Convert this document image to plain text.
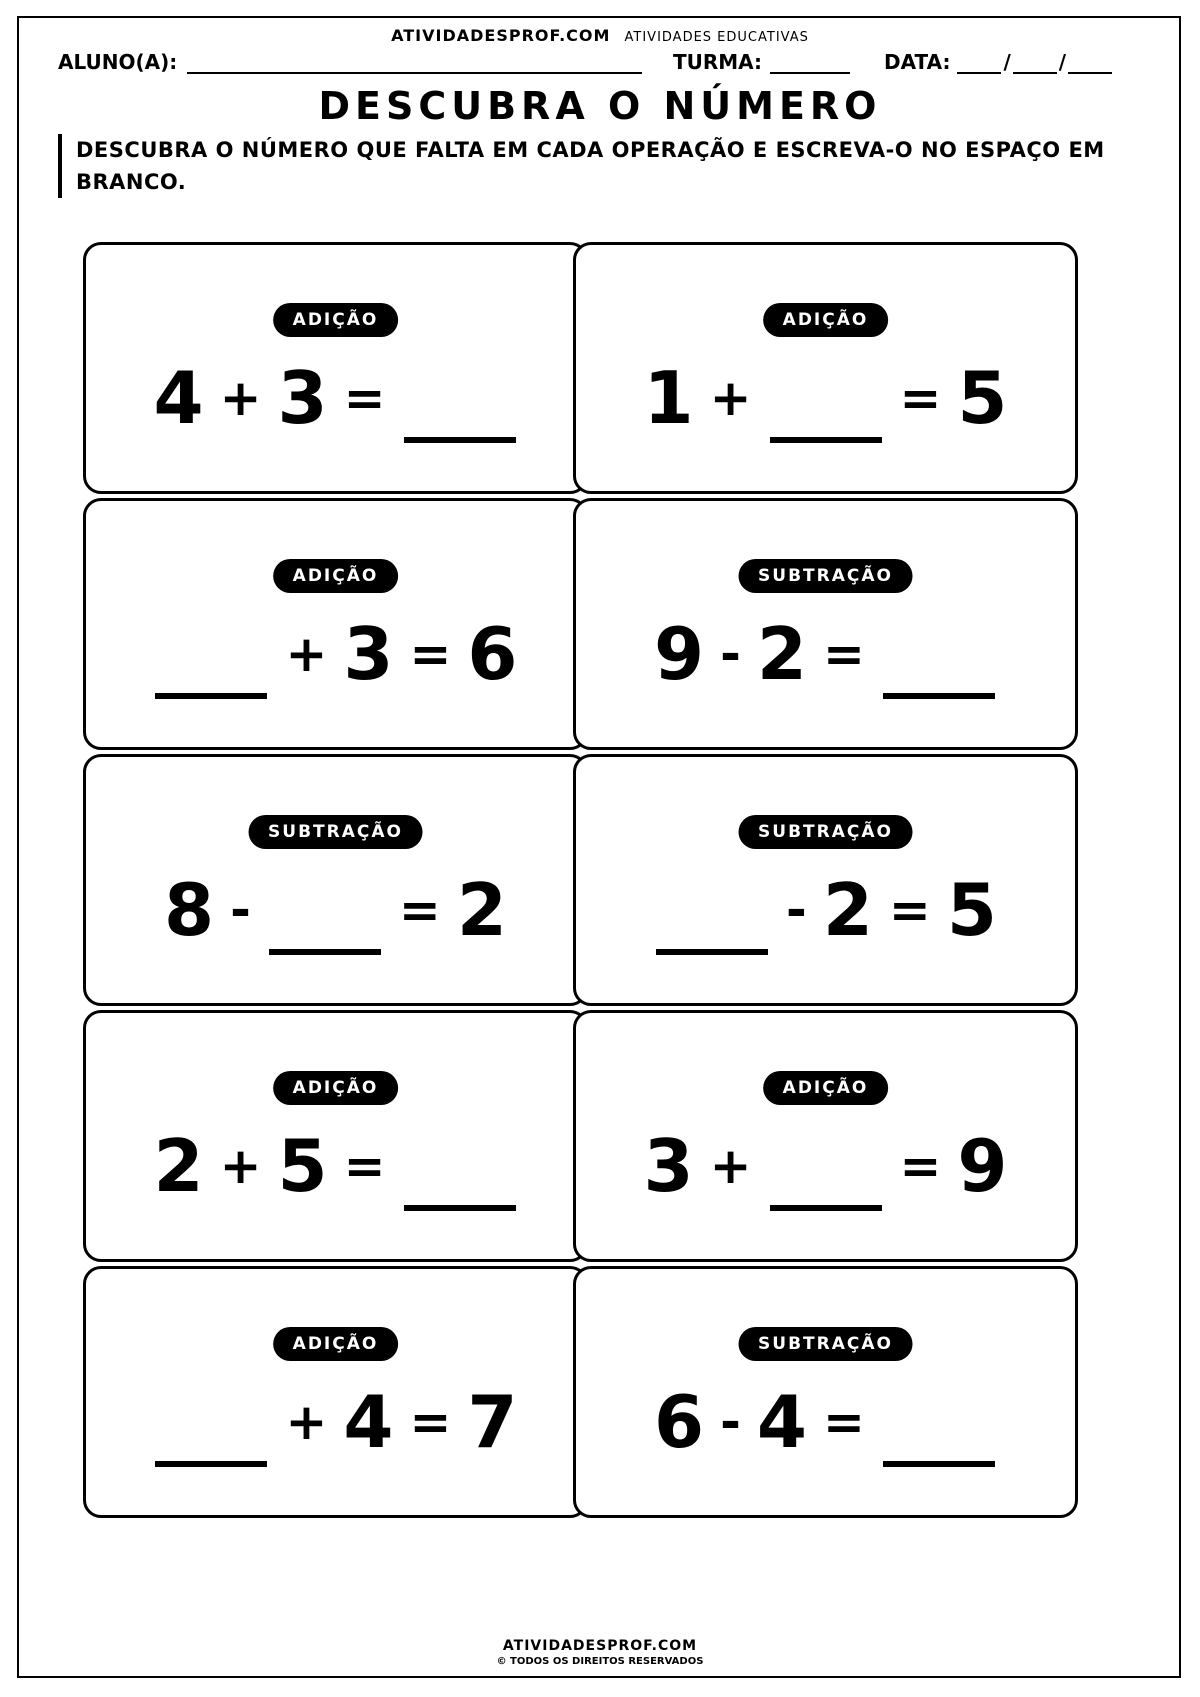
ATIVIDADESPROF.COM ATIVIDADES EDUCATIVAS
ALUNO(A):	TURMA:	DATA:	/ /
DESCUBRA O NÚMERO
DESCUBRA O NÚMERO QUE FALTA EM CADA OPERAÇÃO E ESCREVA-O NO ESPAÇO EM BRANCO.
ADIÇÃO
4 + 3 =
ADIÇÃO
1 +	= 5
ADIÇÃO
+ 3 = 6
SUBTRAÇÃO
9 - 2 =
SUBTRAÇÃO
8 -	= 2
SUBTRAÇÃO
- 2 = 5
ADIÇÃO
2 + 5 =
ADIÇÃO
3 +	= 9
ADIÇÃO
+ 4 = 7
SUBTRAÇÃO
6 - 4 =
ATIVIDADESPROF.COM
© TODOS OS DIREITOS RESERVADOS
